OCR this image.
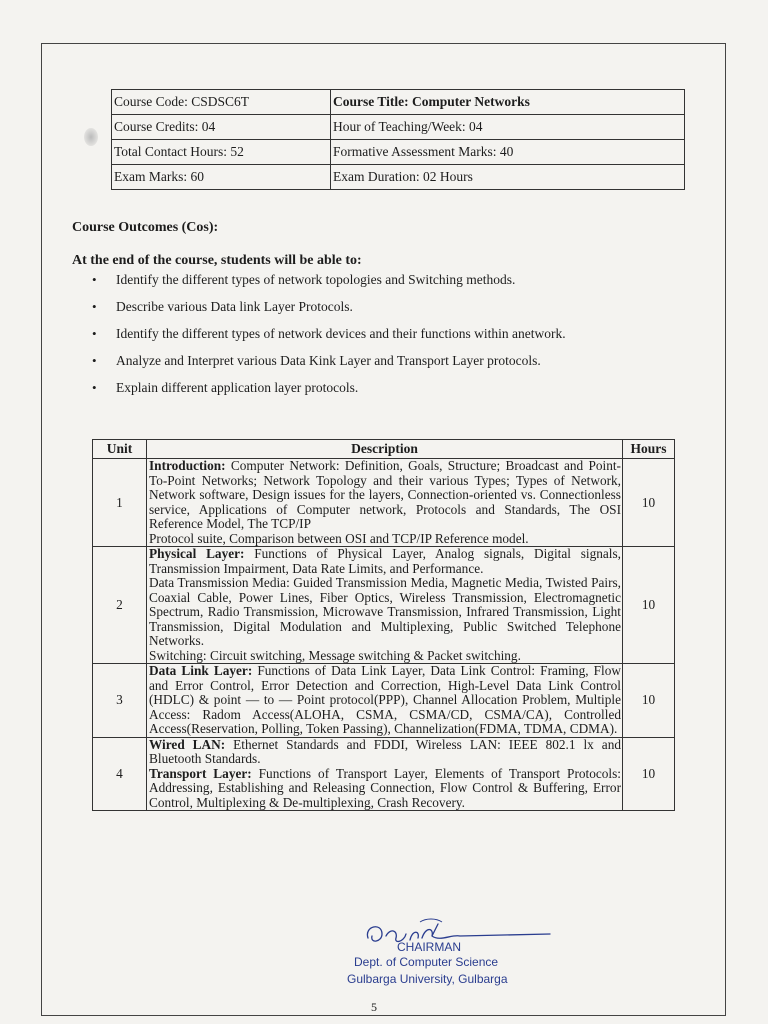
Course Code: CSDSC6T	Course Title: Computer Networks
Course Credits: 04	Hour of Teaching/Week: 04
Total Contact Hours: 52	Formative Assessment Marks: 40
Exam Marks: 60	Exam Duration: 02 Hours
Course Outcomes (Cos):
At the end of the course, students will be able to:
• Identify the different types of network topologies and Switching methods.
• Describe various Data link Layer Protocols.
• Identify the different types of network devices and their functions within anetwork.
• Analyze and Interpret various Data Kink Layer and Transport Layer protocols.
• Explain different application layer protocols.
Unit	Description	Hours
1	Introduction: Computer Network: Definition, Goals, Structure; Broadcast and Point-To-Point Networks; Network Topology and their various Types; Types of Network, Network software, Design issues for the layers, Connection-oriented vs. Connectionless service, Applications of Computer network, Protocols and Standards, The OSI Reference Model, The TCP/IP

Protocol suite, Comparison between OSI and TCP/IP Reference model.	10
2	Physical Layer: Functions of Physical Layer, Analog signals, Digital signals, Transmission Impairment, Data Rate Limits, and Performance.

Data Transmission Media: Guided Transmission Media, Magnetic Media, Twisted Pairs, Coaxial Cable, Power Lines, Fiber Optics, Wireless Transmission, Electromagnetic Spectrum, Radio Transmission, Microwave Transmission, Infrared Transmission, Light Transmission, Digital Modulation and Multiplexing, Public Switched Telephone Networks.

Switching: Circuit switching, Message switching & Packet switching.	10
3	Data Link Layer: Functions of Data Link Layer, Data Link Control: Framing, Flow and Error Control, Error Detection and Correction, High-Level Data Link Control (HDLC) & point — to — Point protocol(PPP), Channel Allocation Problem, Multiple Access: Radom Access(ALOHA, CSMA, CSMA/CD, CSMA/CA), Controlled Access(Reservation, Polling, Token Passing), Channelization(FDMA, TDMA, CDMA).	10
4	Wired LAN: Ethernet Standards and FDDI, Wireless LAN: IEEE 802.1 lx and Bluetooth Standards.

Transport Layer: Functions of Transport Layer, Elements of Transport Protocols: Addressing, Establishing and Releasing Connection, Flow Control & Buffering, Error Control, Multiplexing & De-multiplexing, Crash Recovery.	10
CHAIRMAN
Dept. of Computer Science
Gulbarga University, Gulbarga
5
